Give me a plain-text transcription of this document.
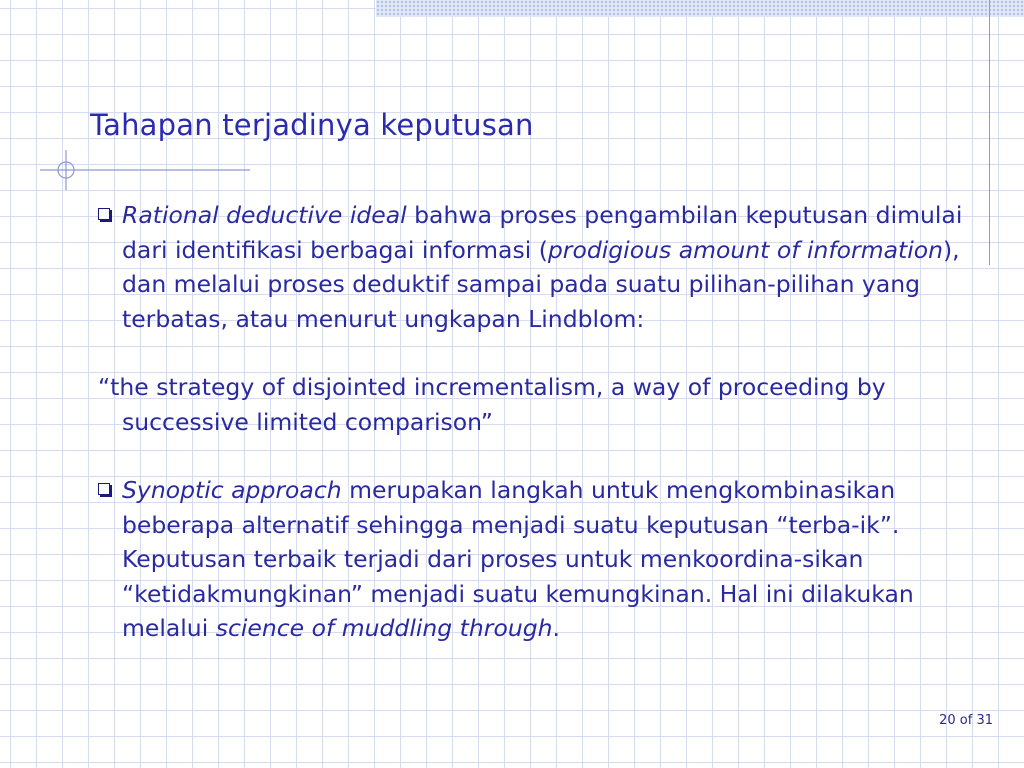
Tahapan terjadinya keputusan
Rational deductive ideal bahwa proses pengambilan keputusan dimulai dari identifikasi berbagai informasi (prodigious amount of information), dan melalui proses deduktif sampai pada suatu pilihan-pilihan yang terbatas, atau menurut ungkapan Lindblom:
“the strategy of disjointed incrementalism, a way of proceeding by successive limited comparison”
Synoptic approach merupakan langkah untuk mengkombinasikan beberapa alternatif sehingga menjadi suatu keputusan “terba-ik”. Keputusan terbaik terjadi dari proses untuk menkoordina-sikan “ketidakmungkinan” menjadi suatu kemungkinan. Hal ini dilakukan melalui science of muddling through.
20 of 31
